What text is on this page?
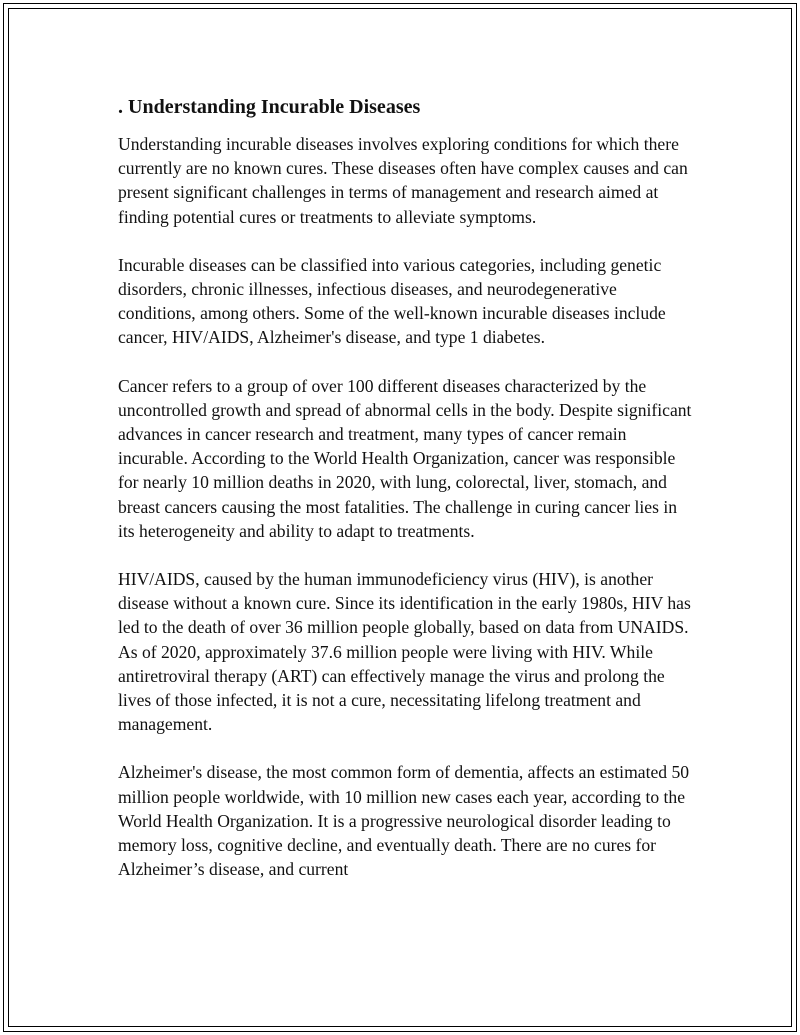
. Understanding Incurable Diseases

Understanding incurable diseases involves exploring conditions for which there currently are no known cures. These diseases often have complex causes and can present significant challenges in terms of management and research aimed at finding potential cures or treatments to alleviate symptoms.

Incurable diseases can be classified into various categories, including genetic disorders, chronic illnesses, infectious diseases, and neurodegenerative conditions, among others. Some of the well-known incurable diseases include cancer, HIV/AIDS, Alzheimer's disease, and type 1 diabetes.

Cancer refers to a group of over 100 different diseases characterized by the uncontrolled growth and spread of abnormal cells in the body. Despite significant advances in cancer research and treatment, many types of cancer remain incurable. According to the World Health Organization, cancer was responsible for nearly 10 million deaths in 2020, with lung, colorectal, liver, stomach, and breast cancers causing the most fatalities. The challenge in curing cancer lies in its heterogeneity and ability to adapt to treatments.

HIV/AIDS, caused by the human immunodeficiency virus (HIV), is another disease without a known cure. Since its identification in the early 1980s, HIV has led to the death of over 36 million people globally, based on data from UNAIDS. As of 2020, approximately 37.6 million people were living with HIV. While antiretroviral therapy (ART) can effectively manage the virus and prolong the lives of those infected, it is not a cure, necessitating lifelong treatment and management.

Alzheimer's disease, the most common form of dementia, affects an estimated 50 million people worldwide, with 10 million new cases each year, according to the World Health Organization. It is a progressive neurological disorder leading to memory loss, cognitive decline, and eventually death. There are no cures for Alzheimer’s disease, and current
